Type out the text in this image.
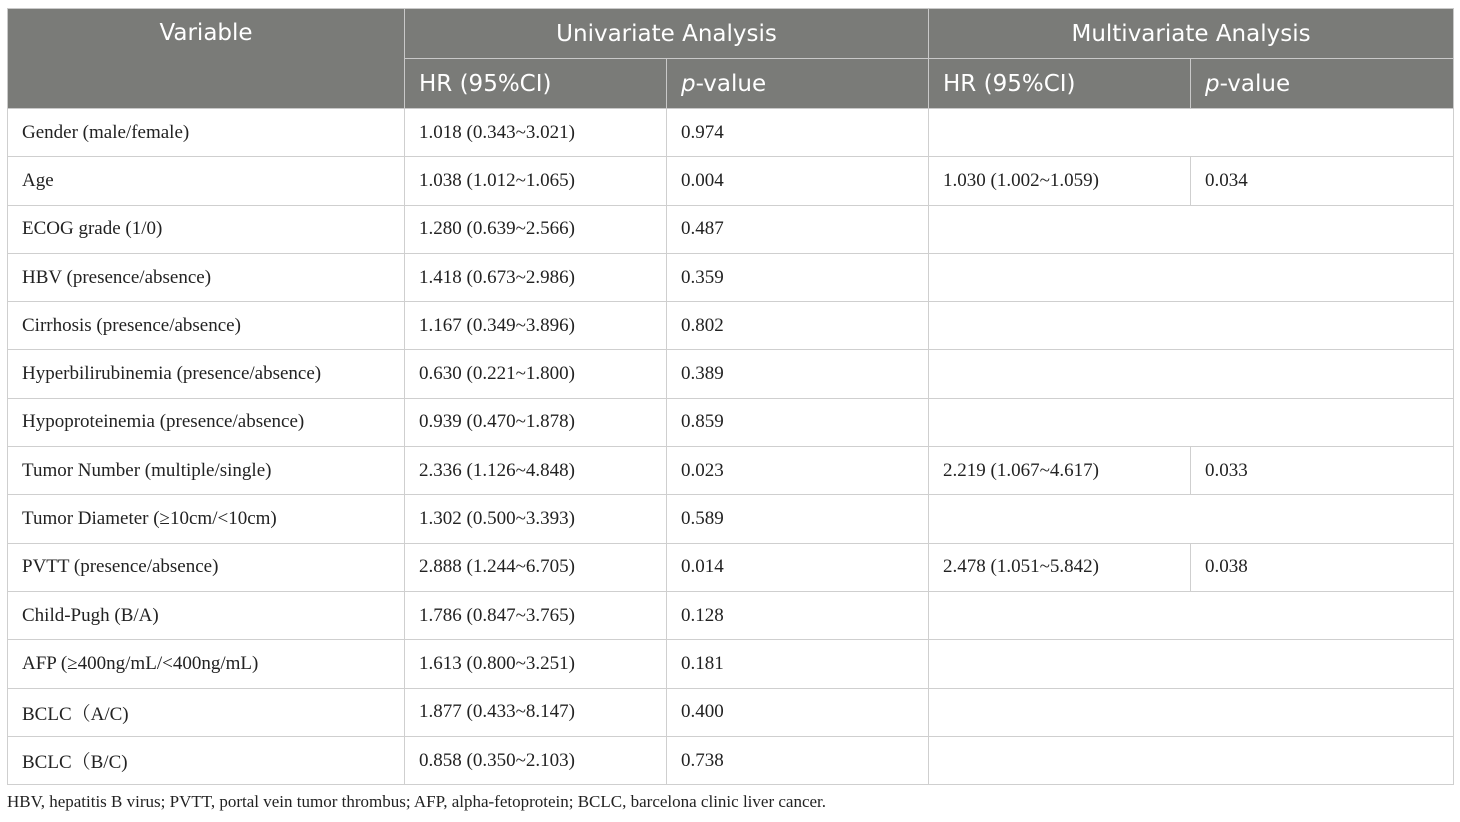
Variable	Univariate Analysis		Multivariate Analysis	
	HR (95%CI)	p-value	HR (95%CI)	p-value
Gender (male/female)	1.018 (0.343~3.021)	0.974		
Age	1.038 (1.012~1.065)	0.004	1.030 (1.002~1.059)	0.034
ECOG grade (1/0)	1.280 (0.639~2.566)	0.487		
HBV (presence/absence)	1.418 (0.673~2.986)	0.359		
Cirrhosis (presence/absence)	1.167 (0.349~3.896)	0.802		
Hyperbilirubinemia (presence/absence)	0.630 (0.221~1.800)	0.389		
Hypoproteinemia (presence/absence)	0.939 (0.470~1.878)	0.859		
Tumor Number (multiple/single)	2.336 (1.126~4.848)	0.023	2.219 (1.067~4.617)	0.033
Tumor Diameter (≥10cm/<10cm)	1.302 (0.500~3.393)	0.589		
PVTT (presence/absence)	2.888 (1.244~6.705)	0.014	2.478 (1.051~5.842)	0.038
Child-Pugh (B/A)	1.786 (0.847~3.765)	0.128		
AFP (≥400ng/mL/<400ng/mL)	1.613 (0.800~3.251)	0.181		
BCLC（A/C)	1.877 (0.433~8.147)	0.400		
BCLC（B/C)	0.858 (0.350~2.103)	0.738		
HBV, hepatitis B virus; PVTT, portal vein tumor thrombus; AFP, alpha-fetoprotein; BCLC, barcelona clinic liver cancer.
